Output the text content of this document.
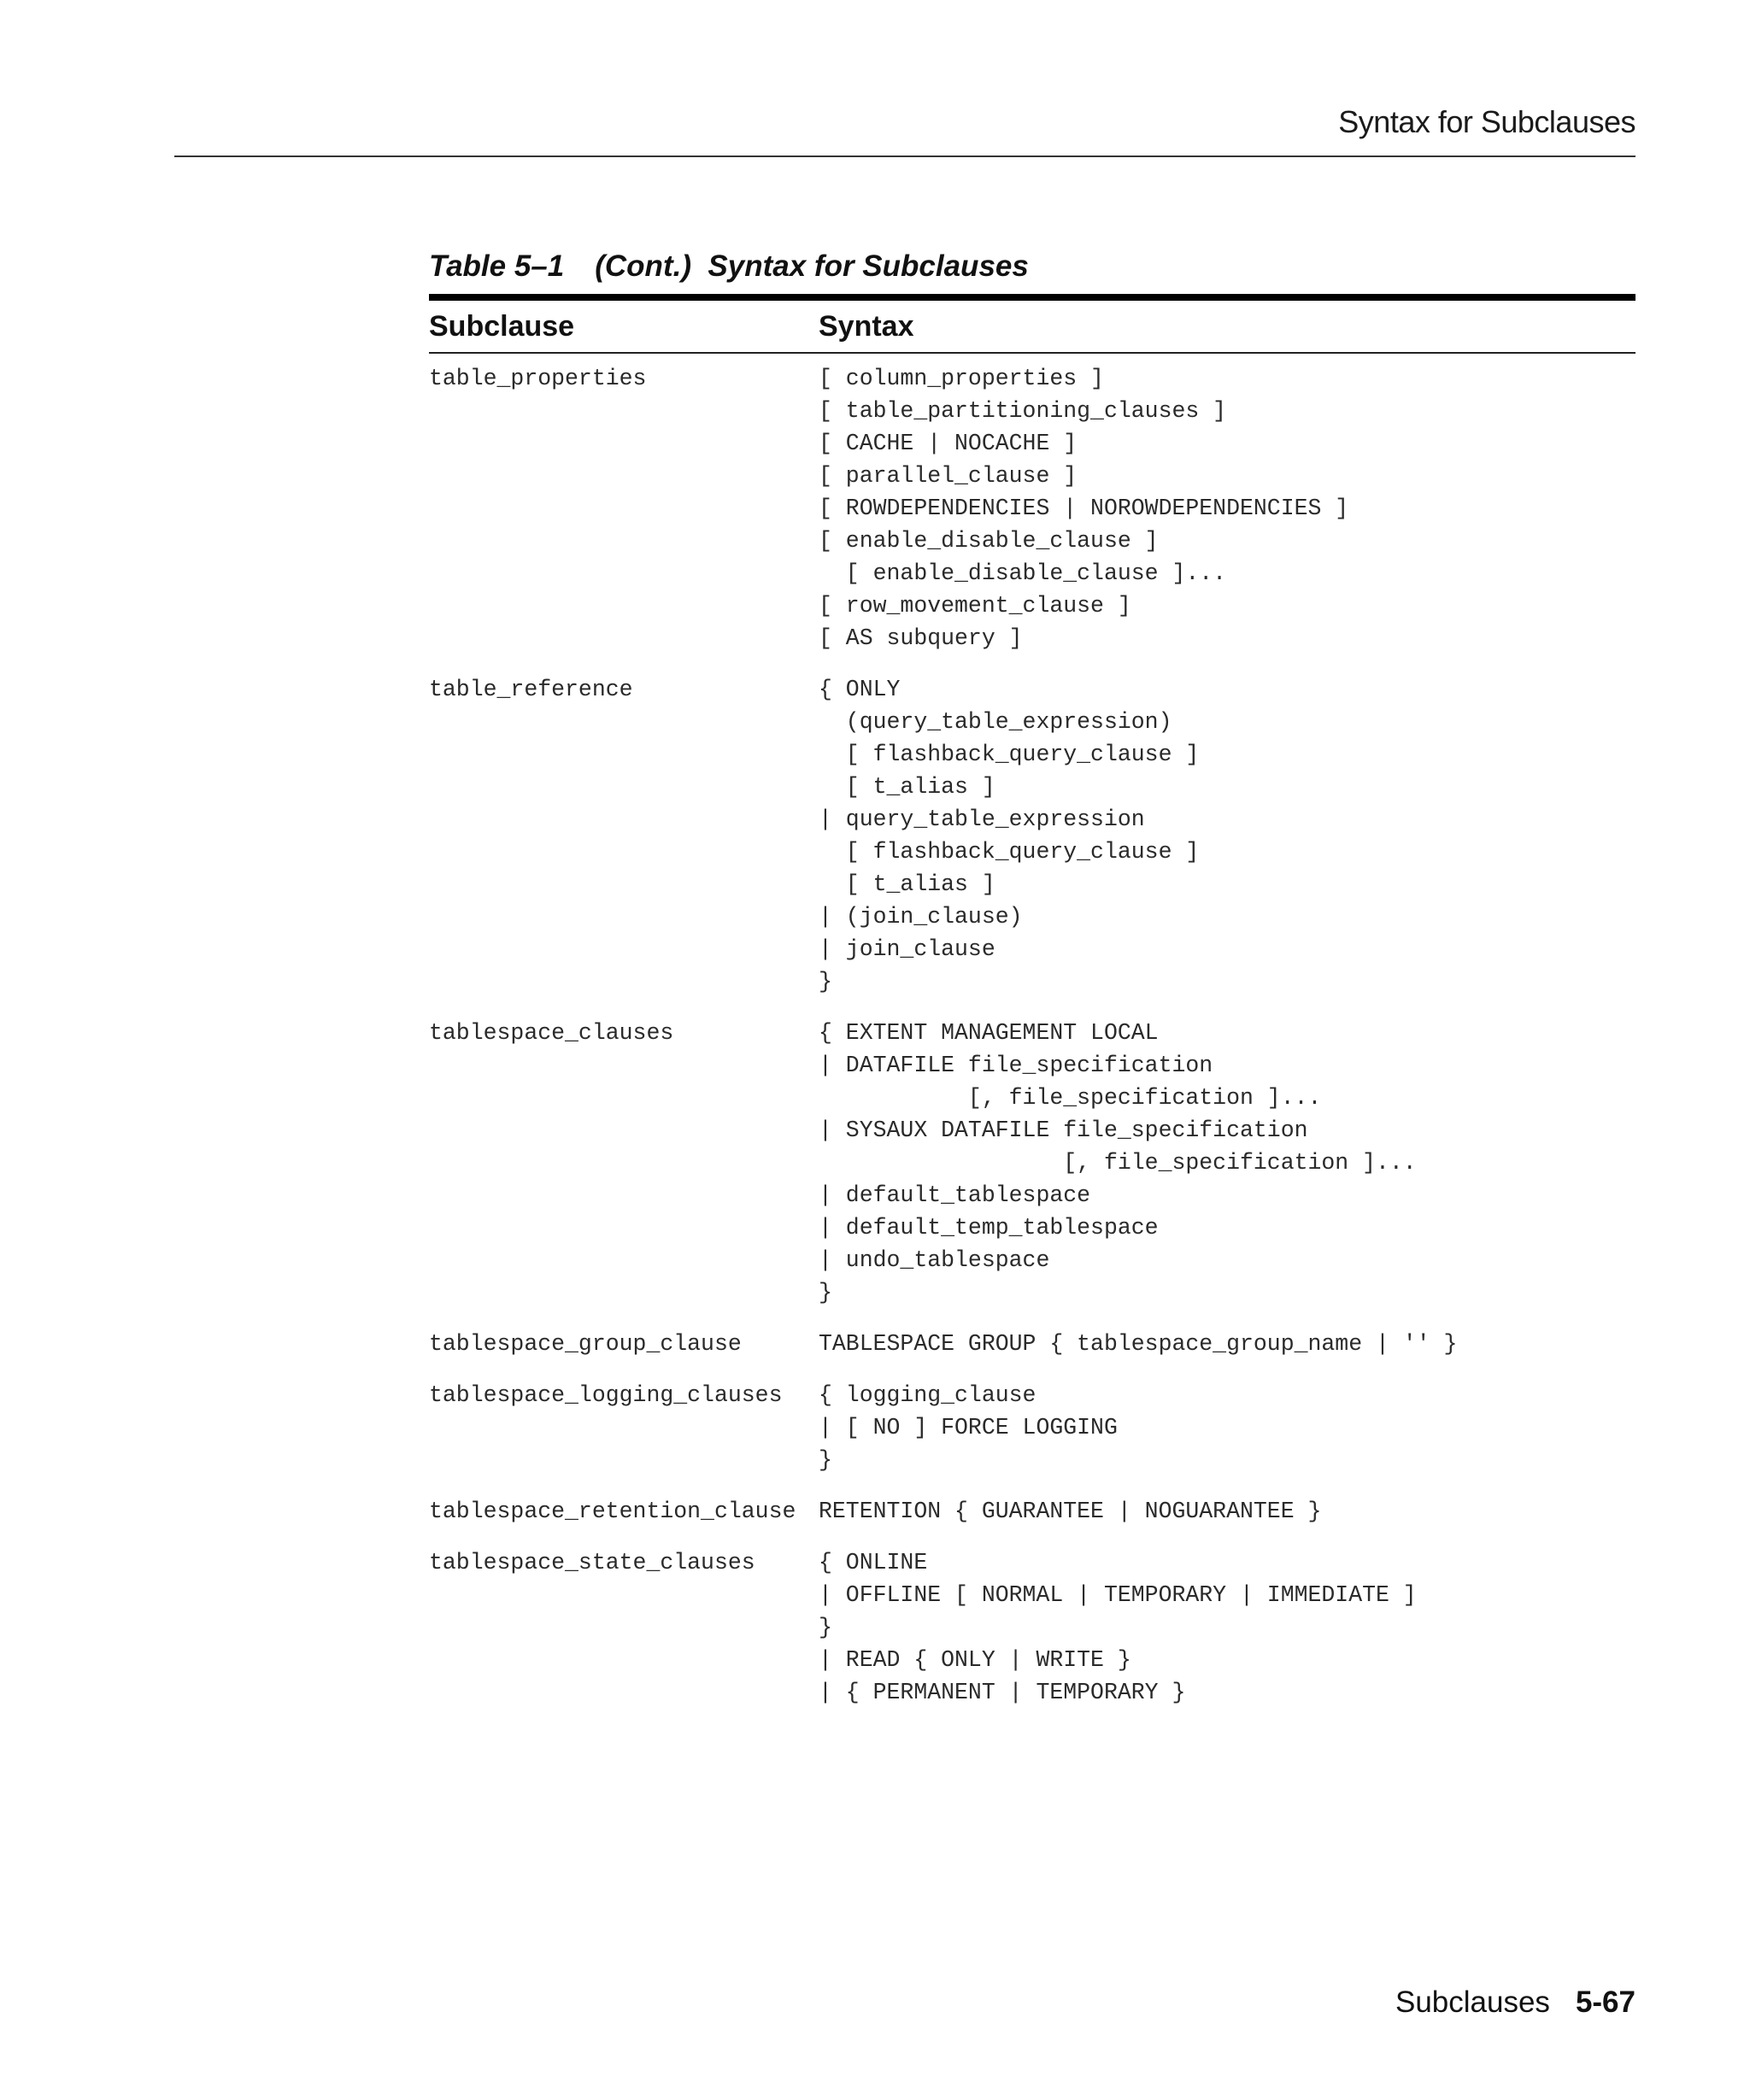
Syntax for Subclauses

Table 5–1 (Cont.)  Syntax for Subclauses

Subclause	Syntax
table_properties	[ column_properties ]
[ table_partitioning_clauses ]
[ CACHE | NOCACHE ]
[ parallel_clause ]
[ ROWDEPENDENCIES | NOROWDEPENDENCIES ]
[ enable_disable_clause ]
[ enable_disable_clause ]...
[ row_movement_clause ]
[ AS subquery ]
table_reference	{ ONLY
(query_table_expression)
[ flashback_query_clause ]
[ t_alias ]
| query_table_expression
[ flashback_query_clause ]
[ t_alias ]
| (join_clause)
| join_clause
}
tablespace_clauses	{ EXTENT MANAGEMENT LOCAL
| DATAFILE file_specification
[, file_specification ]...
| SYSAUX DATAFILE file_specification
[, file_specification ]...
| default_tablespace
| default_temp_tablespace
| undo_tablespace
}
tablespace_group_clause	TABLESPACE GROUP { tablespace_group_name | '' }
tablespace_logging_clauses	{ logging_clause
| [ NO ] FORCE LOGGING
}
tablespace_retention_clause	RETENTION { GUARANTEE | NOGUARANTEE }
tablespace_state_clauses	{ ONLINE
| OFFLINE [ NORMAL | TEMPORARY | IMMEDIATE ]
}
| READ { ONLY | WRITE }
| { PERMANENT | TEMPORARY }
Subclauses 5-67
